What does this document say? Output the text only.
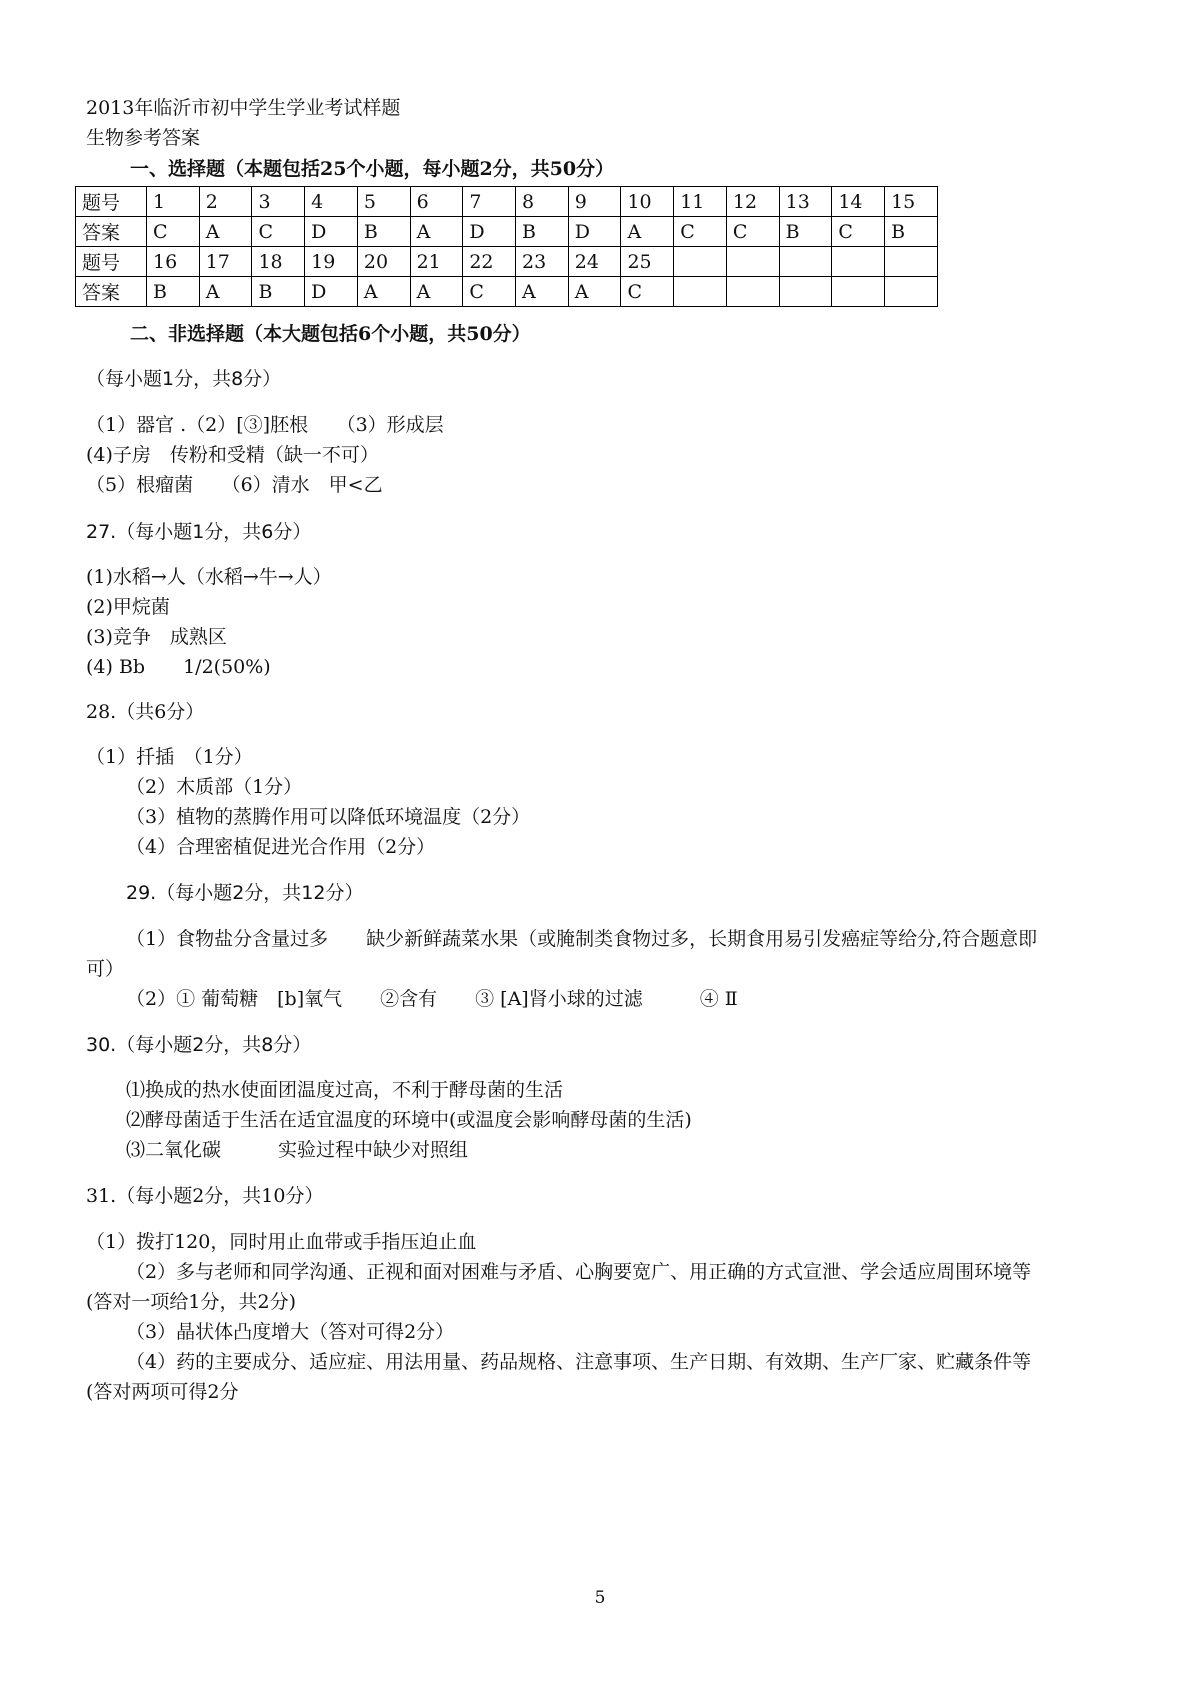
2013年临沂市初中学生学业考试样题
生物参考答案
一、选择题（本题包括25个小题，每小题2分，共50分）
题号	1	2	3	4	5	6	7	8	9	10	11	12	13	14	15
答案	C	A	C	D	B	A	D	B	D	A	C	C	B	C	B
题号	16	17	18	19	20	21	22	23	24	25					
答案	B	A	B	D	A	A	C	A	A	C					
二、非选择题（本大题包括6个小题，共50分）
（每小题1分，共8分）
（1）器官 .（2）[③]胚根　　（3）形成层
(4)子房　传粉和受精（缺一不可）
（5）根瘤菌　　（6）清水　甲<乙
27.（每小题1分，共6分）
(1)水稻→人（水稻→牛→人）
(2)甲烷菌
(3)竞争　成熟区
(4) Bb　　1/2(50%)
28.（共6分）
（1）扦插　（1分）
（2）木质部（1分）
（3）植物的蒸腾作用可以降低环境温度（2分）
（4）合理密植促进光合作用（2分）
29.（每小题2分，共12分）
（1）食物盐分含量过多　　缺少新鲜蔬菜水果（或腌制类食物过多，长期食用易引发癌症等给分,符合题意即
可）
（2）① 葡萄糖　[b]氧气　　②含有　　③ [A]肾小球的过滤　　　④ Ⅱ
30.（每小题2分，共8分）
⑴换成的热水使面团温度过高，不利于酵母菌的生活
⑵酵母菌适于生活在适宜温度的环境中(或温度会影响酵母菌的生活)
⑶二氧化碳　　　实验过程中缺少对照组
31.（每小题2分，共10分）
（1）拨打120，同时用止血带或手指压迫止血
（2）多与老师和同学沟通、正视和面对困难与矛盾、心胸要宽广、用正确的方式宣泄、学会适应周围环境等
(答对一项给1分，共2分)
（3）晶状体凸度增大（答对可得2分）
（4）药的主要成分、适应症、用法用量、药品规格、注意事项、生产日期、有效期、生产厂家、贮藏条件等
(答对两项可得2分
5
